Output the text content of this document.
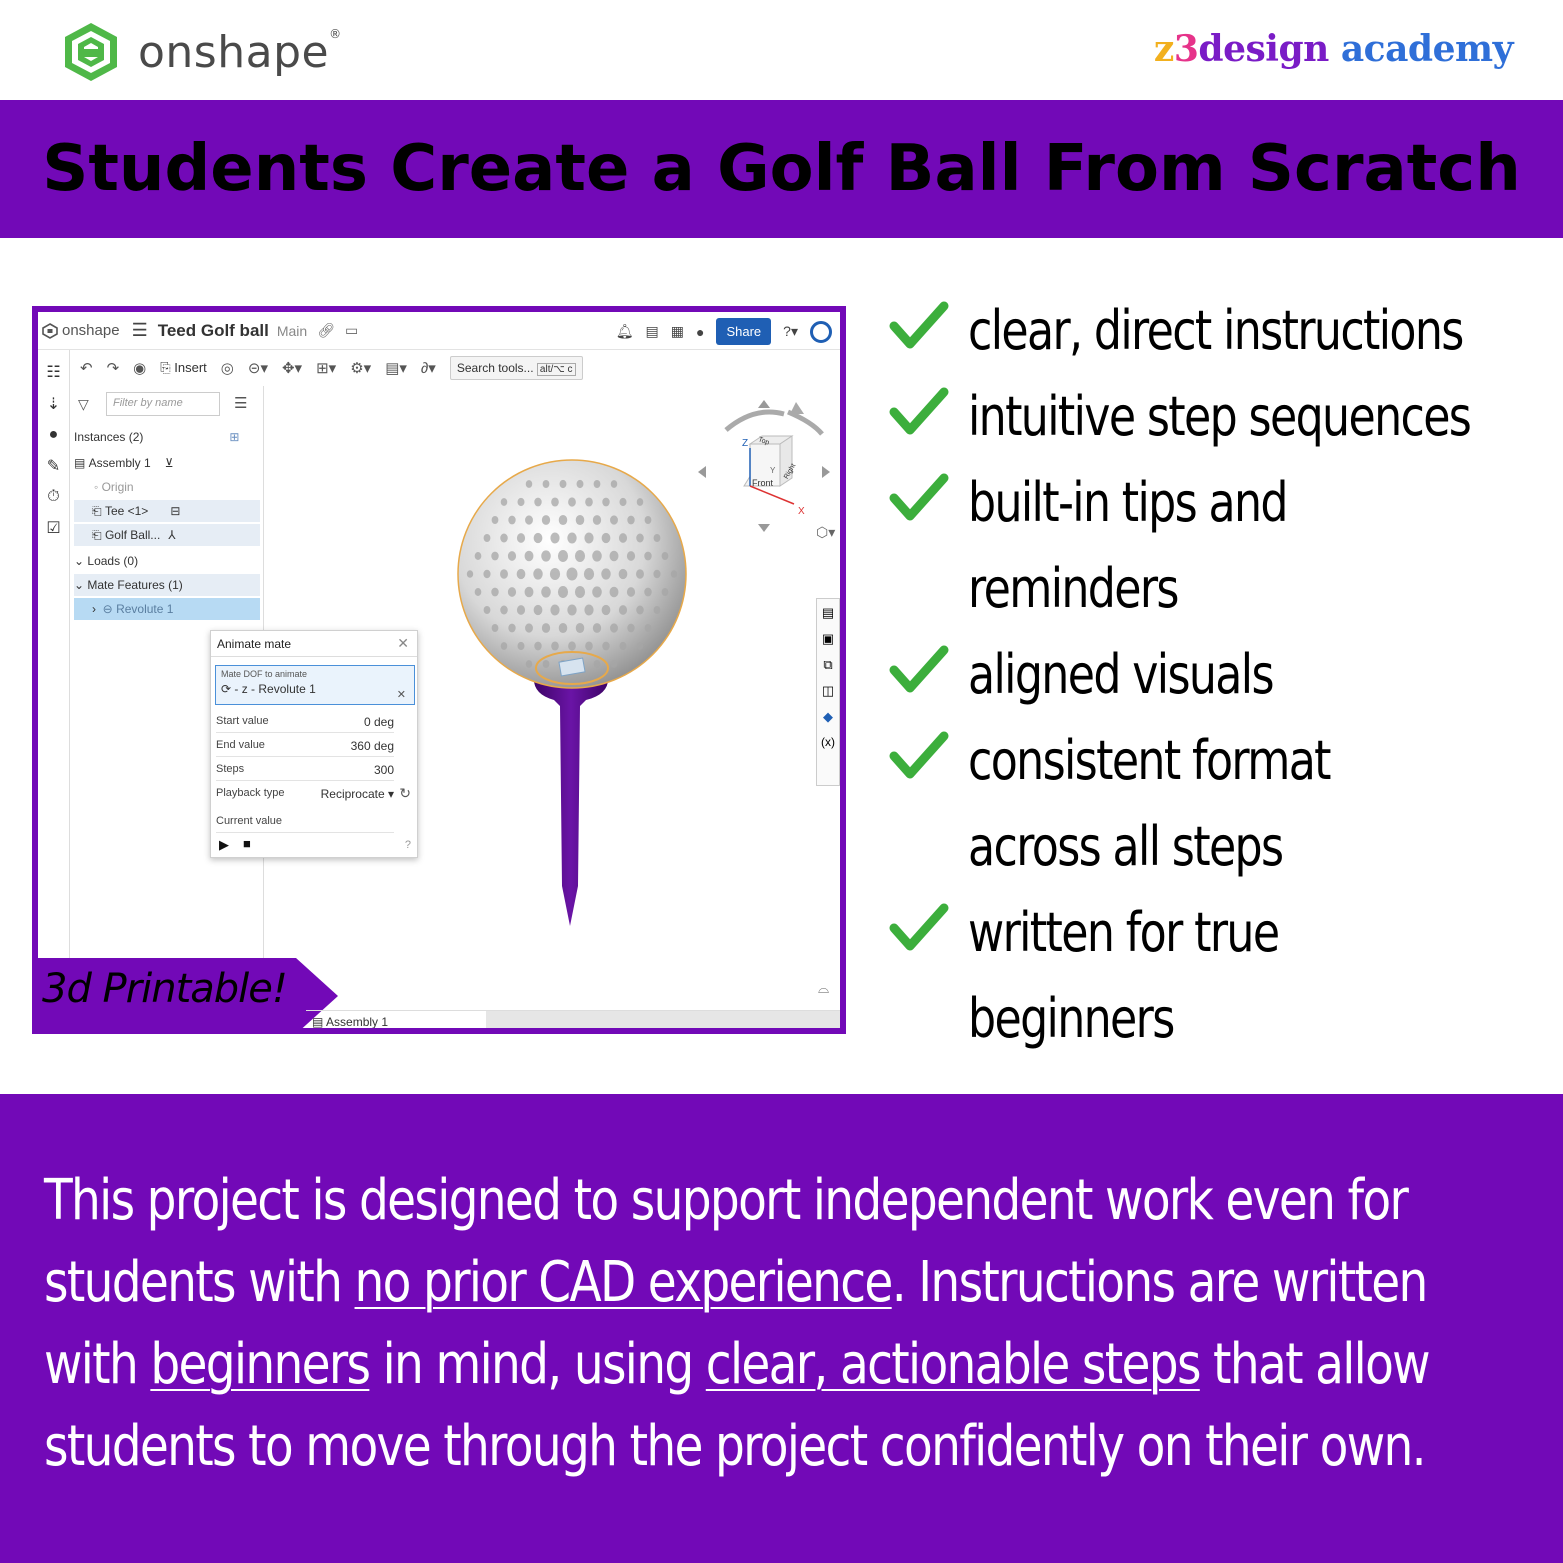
onshape®	z3design academy
Students Create a Golf Ball From Scratch
onshape ☰ Teed Golf ball Main 🔗︎ ▭	🔔︎ ▤ ▦ ●	Share	?▾
☷
⇣
●
✎
⏱
☑
↶ ↷ ◉ ⎘ Insert ◎ ⊝▾ ✥▾ ⊞▾ ⚙▾ ▤▾ ∂▾	Search tools... alt/⌥ c
▽	Filter by name	☰
Instances (2)	⊞
▤ Assembly 1 ⊻
◦ Origin
⎗ Tee <1> ⊟
⎗ Golf Ball... ⅄
⌄ Loads (0)
⌄ Mate Features (1)
› ⊖ Revolute 1
Top
Front
Right
Z
X
Y
⬡▾
▤
▣
⧉
◫
◆
(x)
⌓
Animate mate	✕
Mate DOF to animate
⟳ - z - Revolute 1	✕
Start value	0 deg
End value	360 deg
Steps	300
Playback type	Reciprocate ▾ ↻
Current value
▶ ■	?
3d Printable!
▤ Assembly 1
clear, direct instructions
intuitive step sequences
built-in tips and
reminders
aligned visuals
consistent format
across all steps
written for true
beginners
This project is designed to support independent work even for
students with no prior CAD experience. Instructions are written
with beginners in mind, using clear, actionable steps that allow
students to move through the project confidently on their own.
